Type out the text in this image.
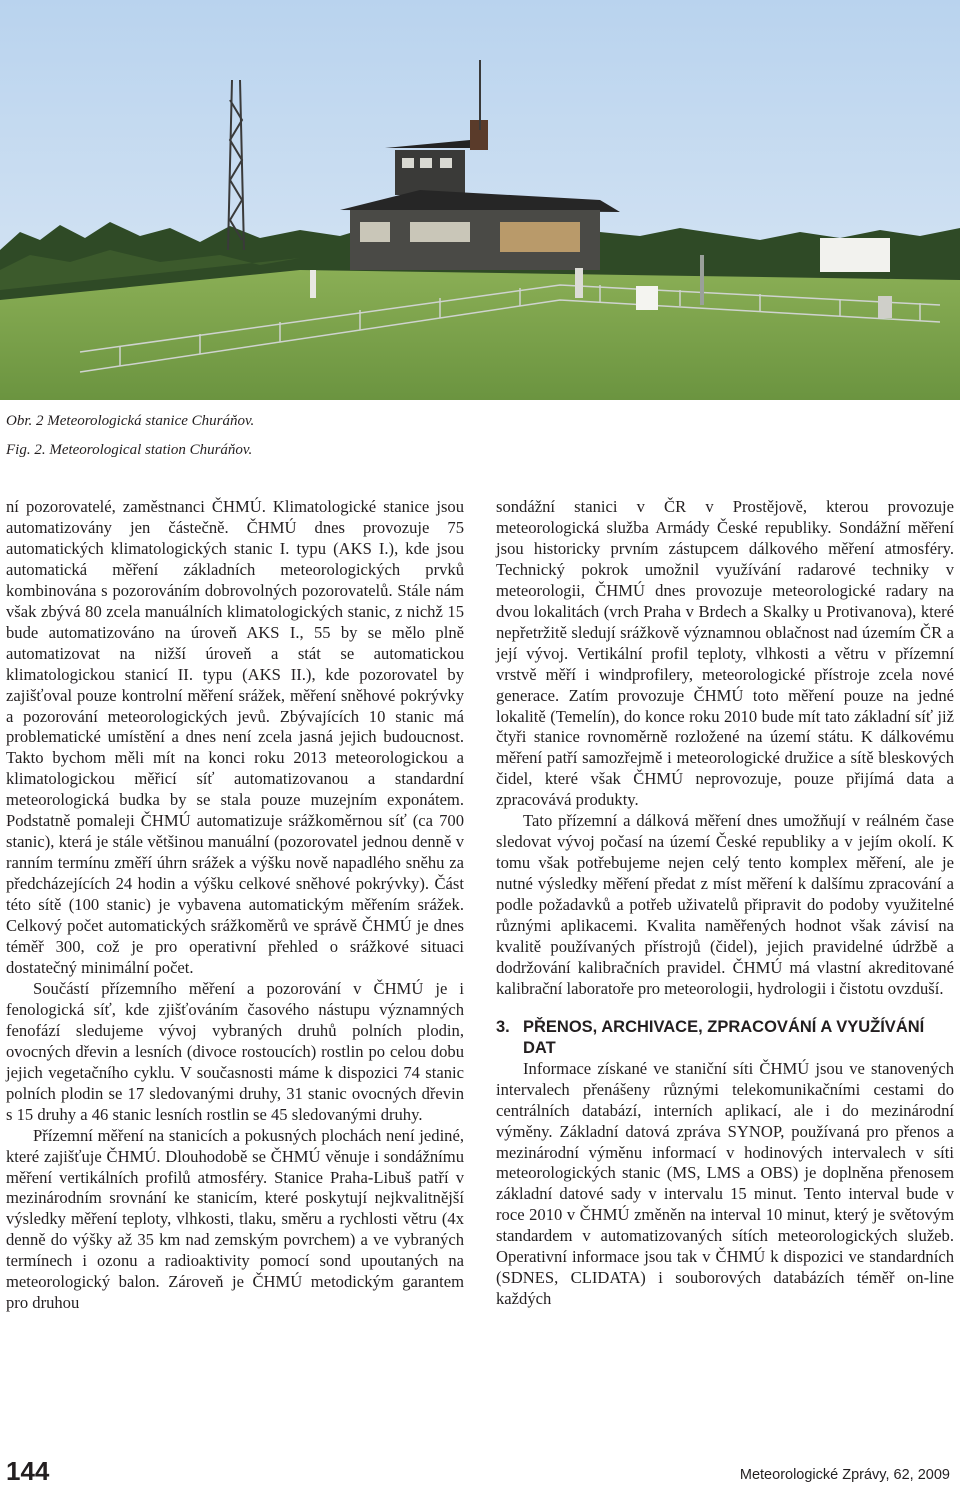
Obr. 2 Meteorologická stanice Churáňov.
Fig. 2. Meteorological station Churáňov.

ní pozorovatelé, zaměstnanci ČHMÚ. Klimatologické stanice jsou automatizovány jen částečně. ČHMÚ dnes provozuje 75 automatických klimatologických stanic I. typu (AKS I.), kde jsou automatická měření základních meteorologických prvků kombinována s pozorováním dobrovolných pozorovatelů. Stále nám však zbývá 80 zcela manuálních klimatologických stanic, z nichž 15 bude automatizováno na úroveň AKS I., 55 by se mělo plně automatizovat na nižší úroveň a stát se automatickou klimatologickou stanicí II. typu (AKS II.), kde pozorovatel by zajišťoval pouze kontrolní měření srážek, měření sněhové pokrývky a pozorování meteorologických jevů. Zbývajících 10 stanic má problematické umístění a dnes není zcela jasná jejich budoucnost. Takto bychom měli mít na konci roku 2013 meteorologickou a klimatologickou měřicí síť automatizovanou a standardní meteorologická budka by se stala pouze muzejním exponátem. Podstatně pomaleji ČHMÚ automatizuje srážkoměrnou síť (ca 700 stanic), která je stále většinou manuální (pozorovatel jednou denně v ranním termínu změří úhrn srážek a výšku nově napadlého sněhu za předcházejících 24 hodin a výšku celkové sněhové pokrývky). Část této sítě (100 stanic) je vybavena automatickým měřením srážek. Celkový počet automatických srážkoměrů ve správě ČHMÚ je dnes téměř 300, což je pro operativní přehled o srážkové situaci dostatečný minimální počet.

Součástí přízemního měření a pozorování v ČHMÚ je i fenologická síť, kde zjišťováním časového nástupu významných fenofází sledujeme vývoj vybraných druhů polních plodin, ovocných dřevin a lesních (divoce rostoucích) rostlin po celou dobu jejich vegetačního cyklu. V současnosti máme k dispozici 74 stanic polních plodin se 17 sledovanými druhy, 31 stanic ovocných dřevin s 15 druhy a 46 stanic lesních rostlin se 45 sledovanými druhy.

Přízemní měření na stanicích a pokusných plochách není jediné, které zajišťuje ČHMÚ. Dlouhodobě se ČHMÚ věnuje i sondážnímu měření vertikálních profilů atmosféry. Stanice Praha-Libuš patří v mezinárodním srovnání ke stanicím, které poskytují nejkvalitnější výsledky měření teploty, vlhkosti, tlaku, směru a rychlosti větru (4x denně do výšky až 35 km nad zemským povrchem) a ve vybraných termínech i ozonu a radioaktivity pomocí sond upoutaných na meteorologický balon. Zároveň je ČHMÚ metodickým garantem pro druhou

sondážní stanici v ČR v Prostějově, kterou provozuje meteorologická služba Armády České republiky. Sondážní měření jsou historicky prvním zástupcem dálkového měření atmosféry. Technický pokrok umožnil využívání radarové techniky v meteorologii, ČHMÚ dnes provozuje meteorologické radary na dvou lokalitách (vrch Praha v Brdech a Skalky u Protivanova), které nepřetržitě sledují srážkově významnou oblačnost nad územím ČR a její vývoj. Vertikální profil teploty, vlhkosti a větru v přízemní vrstvě měří i windprofilery, meteorologické přístroje zcela nové generace. Zatím provozuje ČHMÚ toto měření pouze na jedné lokalitě (Temelín), do konce roku 2010 bude mít tato základní síť již čtyři stanice rovnoměrně rozložené na území státu. K dálkovému měření patří samozřejmě i meteorologické družice a sítě bleskových čidel, které však ČHMÚ neprovozuje, pouze přijímá data a zpracovává produkty.

Tato přízemní a dálková měření dnes umožňují v reálném čase sledovat vývoj počasí na území České republiky a v jejím okolí. K tomu však potřebujeme nejen celý tento komplex měření, ale je nutné výsledky měření předat z míst měření k dalšímu zpracování a podle požadavků a potřeb uživatelů připravit do podoby využitelné různými aplikacemi. Kvalita naměřených hodnot však závisí na kvalitě používaných přístrojů (čidel), jejich pravidelné údržbě a dodržování kalibračních pravidel. ČHMÚ má vlastní akreditované kalibrační laboratoře pro meteorologii, hydrologii i čistotu ovzduší.

3. PŘENOS, ARCHIVACE, ZPRACOVÁNÍ A VYUŽÍVÁNÍ DAT

Informace získané ve staniční síti ČHMÚ jsou ve stanovených intervalech přenášeny různými telekomunikačními cestami do centrálních databází, interních aplikací, ale i do mezinárodní výměny. Základní datová zpráva SYNOP, používaná pro přenos a mezinárodní výměnu informací v hodinových intervalech v síti meteorologických stanic (MS, LMS a OBS) je doplněna přenosem základní datové sady v intervalu 15 minut. Tento interval bude v roce 2010 v ČHMÚ změněn na interval 10 minut, který je světovým standardem v automatizovaných sítích meteorologických služeb. Operativní informace jsou tak v ČHMÚ k dispozici ve standardních (SDNES, CLIDATA) i souborových databázích téměř on-line každých

144	Meteorologické Zprávy, 62, 2009
